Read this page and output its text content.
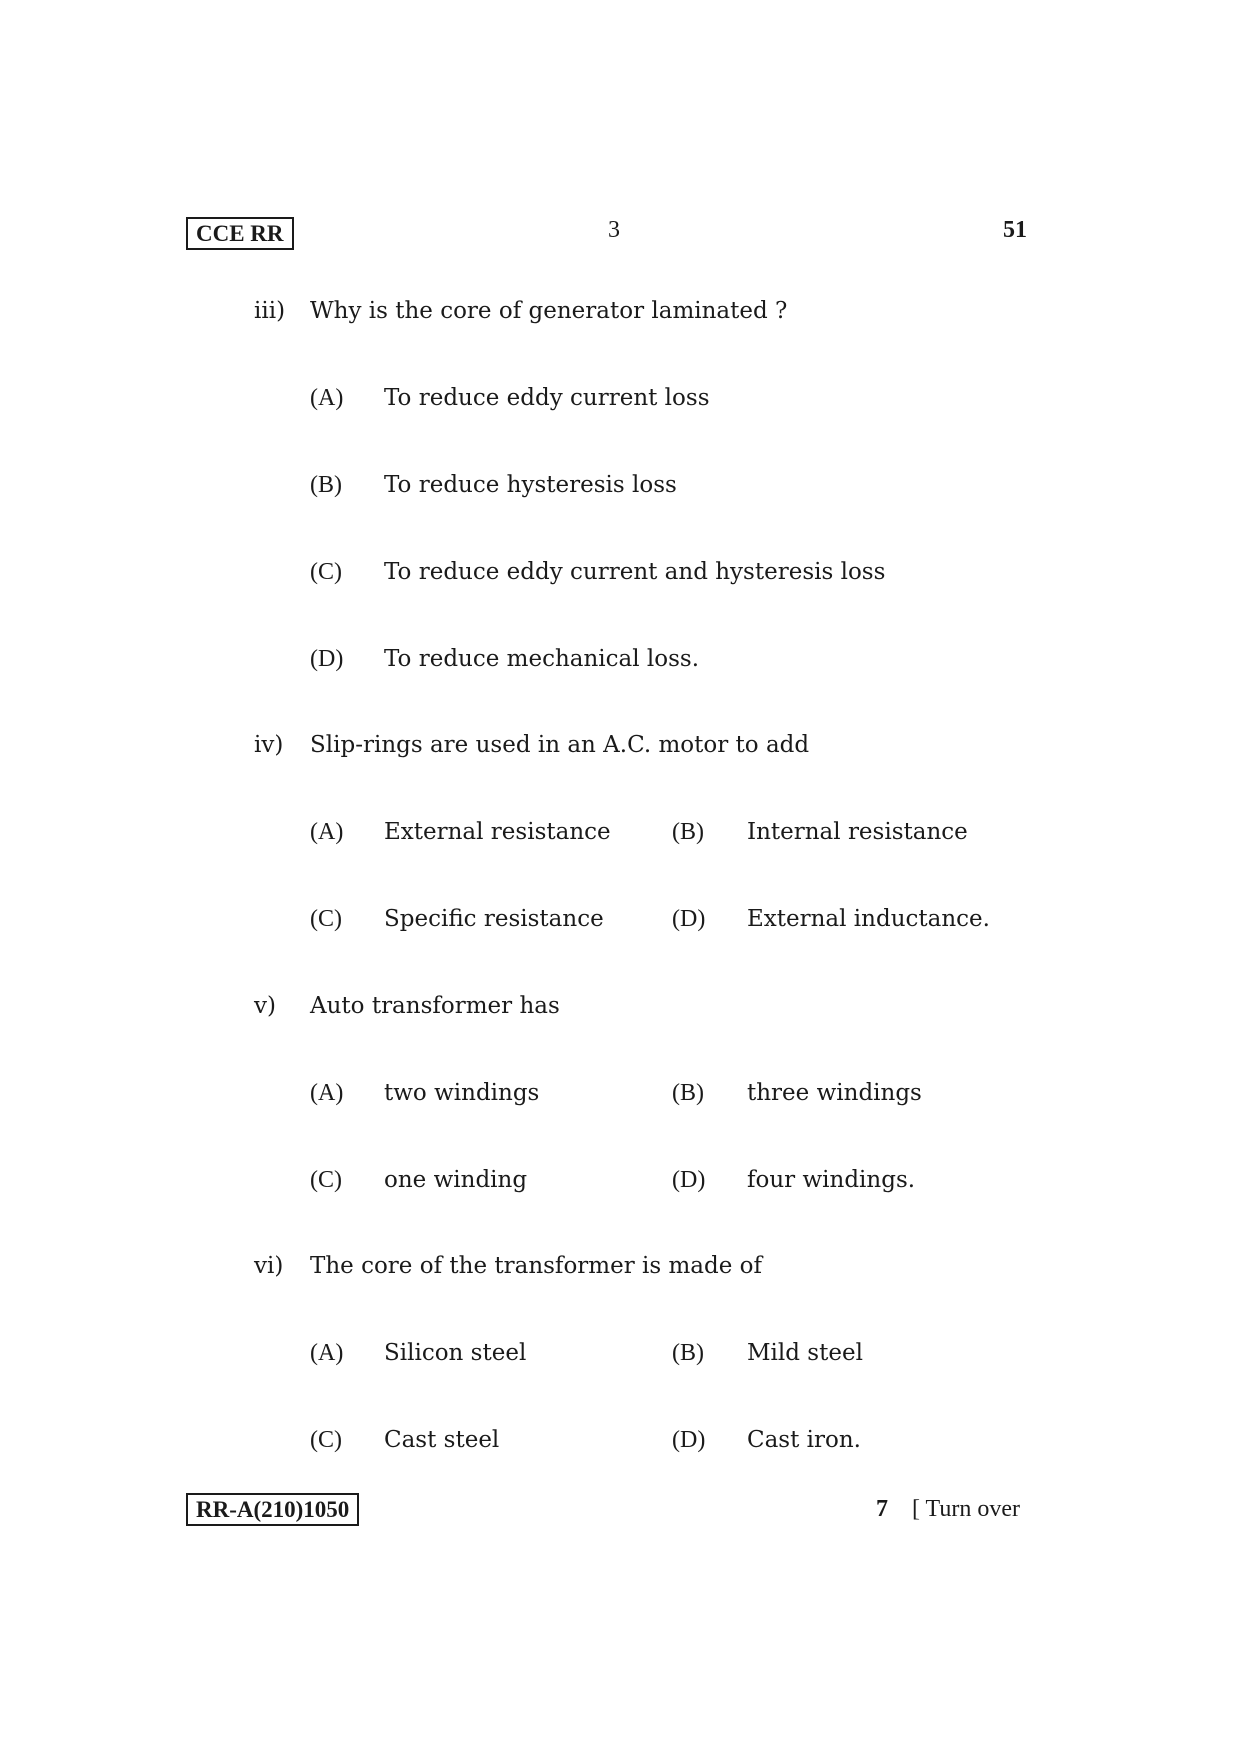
CCE RR	3	51
iii) Why is the core of generator laminated ?
(A) To reduce eddy current loss
(B) To reduce hysteresis loss
(C) To reduce eddy current and hysteresis loss
(D) To reduce mechanical loss.
iv) Slip-rings are used in an A.C. motor to add
(A) External resistance	(B) Internal resistance
(C) Specific resistance	(D) External inductance.
v) Auto transformer has
(A) two windings	(B) three windings
(C) one winding	(D) four windings.
vi) The core of the transformer is made of
(A) Silicon steel	(B) Mild steel
(C) Cast steel	(D) Cast iron.
RR-A(210)1050	7 [ Turn over
